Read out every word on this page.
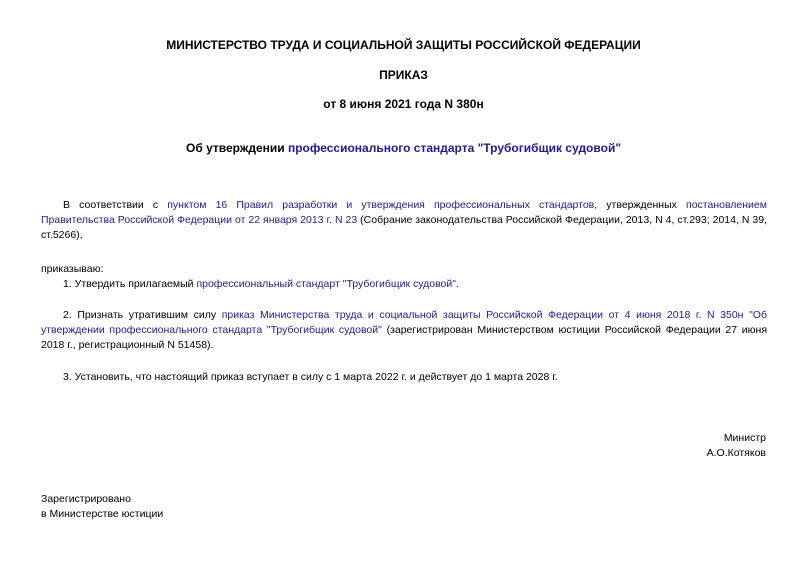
МИНИСТЕРСТВО ТРУДА И СОЦИАЛЬНОЙ ЗАЩИТЫ РОССИЙСКОЙ ФЕДЕРАЦИИ
ПРИКАЗ
от 8 июня 2021 года N 380н
Об утверждении профессионального стандарта "Трубогибщик судовой"
В соответствии с пунктом 16 Правил разработки и утверждения профессиональных стандартов, утвержденных постановлением Правительства Российской Федерации от 22 января 2013 г. N 23 (Собрание законодательства Российской Федерации, 2013, N 4, ст.293; 2014, N 39, ст.5266),
приказываю:
1. Утвердить прилагаемый профессиональный стандарт "Трубогибщик судовой".
2. Признать утратившим силу приказ Министерства труда и социальной защиты Российской Федерации от 4 июня 2018 г. N 350н "Об утверждении профессионального стандарта "Трубогибщик судовой" (зарегистрирован Министерством юстиции Российской Федерации 27 июня 2018 г., регистрационный N 51458).
3. Установить, что настоящий приказ вступает в силу с 1 марта 2022 г. и действует до 1 марта 2028 г.
Министр
А.О.Котяков
Зарегистрировано
в Министерстве юстиции
